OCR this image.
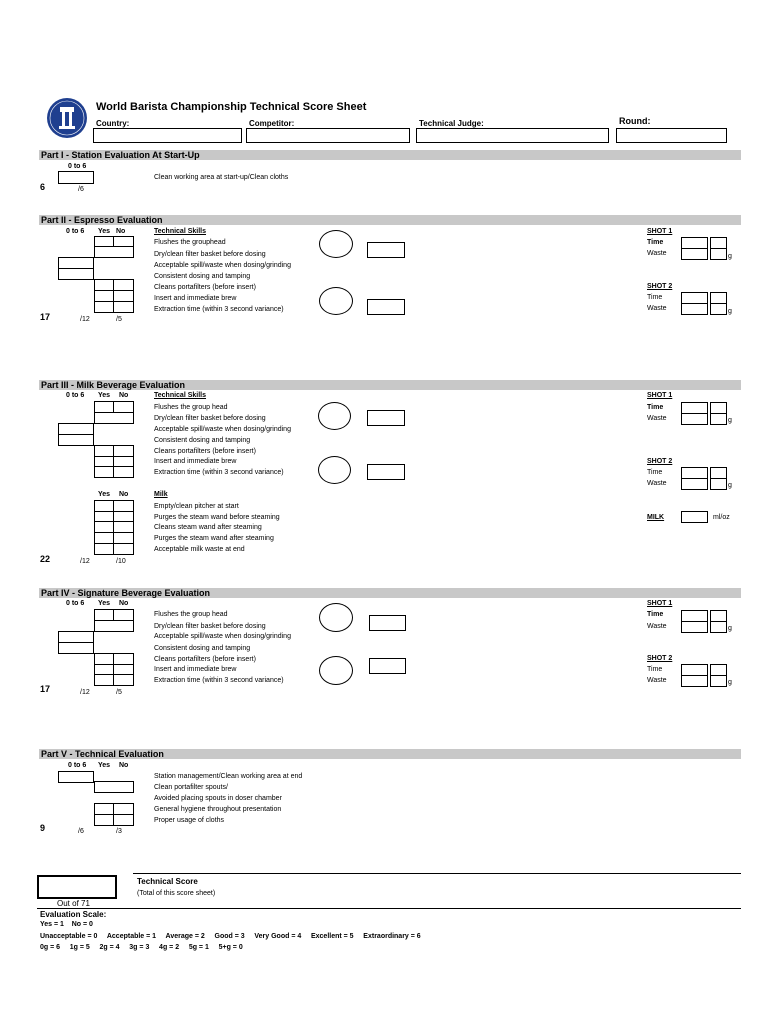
World Barista Championship Technical Score Sheet
Country:	Competitor:	Technical Judge:	Round:
Part I - Station Evaluation At Start-Up
0 to 6
Clean working area at start-up/Clean cloths
6	/6
Part II - Espresso Evaluation
0 to 6 Yes No	Technical Skills
Flushes the grouphead
Dry/clean filter basket before dosing
Acceptable spill/waste when dosing/grinding
Consistent dosing and tamping
Cleans portafilters (before insert)
Insert and immediate brew
Extraction time (within 3 second variance)
17	/12	/5
SHOT 1
Time
Waste	g
SHOT 2
Time
Waste	g
Part III - Milk Beverage Evaluation
0 to 6 Yes No	Technical Skills
Flushes the group head
Dry/clean filter basket before dosing
Acceptable spill/waste when dosing/grinding
Consistent dosing and tamping
Cleans portafilters (before insert)
Insert and immediate brew
Extraction time (within 3 second variance)
SHOT 1
Time
Waste	g
SHOT 2
Time
Waste	g
Yes No	Milk
Empty/clean pitcher at start
Purges the steam wand before steaming
Cleans steam wand after steaming
Purges the steam wand after steaming
Acceptable milk waste at end
MILK	ml/oz
22	/12	/10
Part IV - Signature Beverage Evaluation
0 to 6 Yes No
Flushes the group head
Dry/clean filter basket before dosing
Acceptable spill/waste when dosing/grinding
Consistent dosing and tamping
Cleans portafilters (before insert)
Insert and immediate brew
Extraction time (within 3 second variance)
17	/12	/5
SHOT 1
Time
Waste	g
SHOT 2
Time
Waste	g
Part V - Technical Evaluation
0 to 6 Yes No
Station management/Clean working area at end
Clean portafilter spouts/
Avoided placing spouts in doser chamber
General hygiene throughout presentation
Proper usage of cloths
9	/6	/3
Technical Score
(Total of this score sheet)
Out of 71
Evaluation Scale:
Yes = 1    No = 0
Unacceptable = 0     Acceptable = 1     Average = 2     Good = 3     Very Good = 4     Excellent = 5     Extraordinary = 6
0g = 6     1g = 5     2g = 4     3g = 3     4g = 2     5g = 1     5+g = 0
